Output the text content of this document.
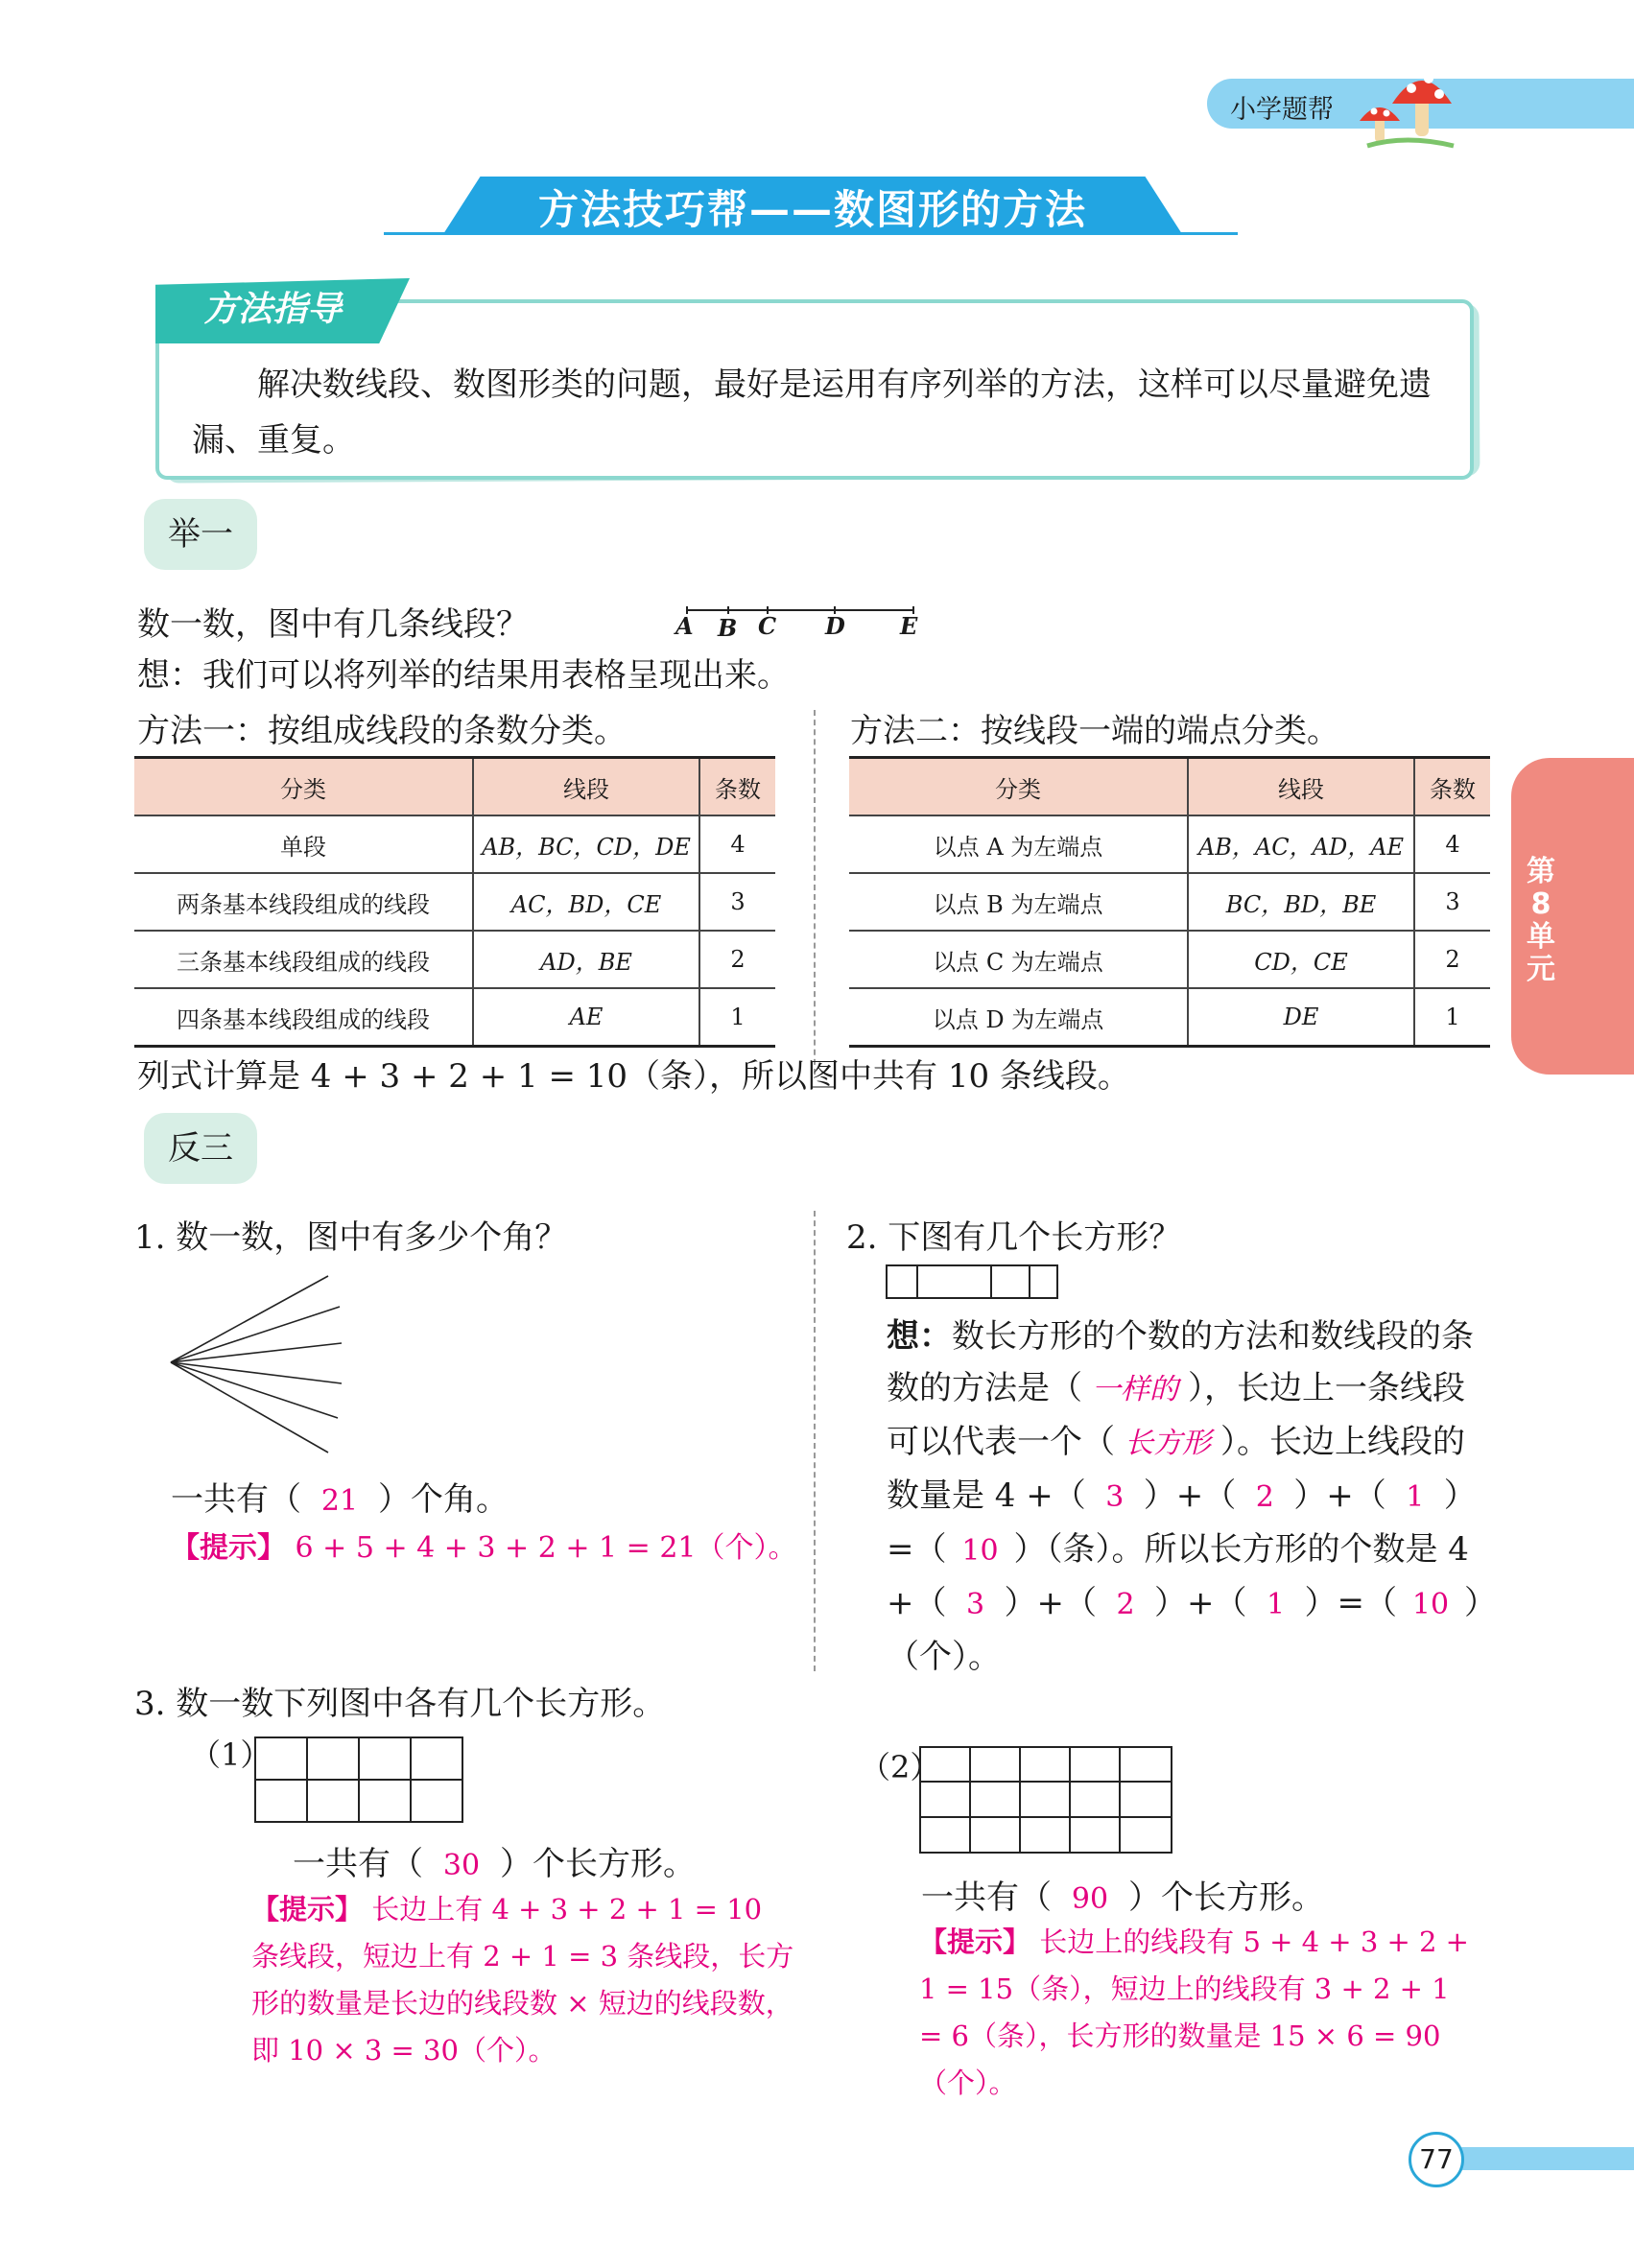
小学题帮
方法技巧帮——数图形的方法
方法指导
解决数线段、数图形类的问题，最好是运用有序列举的方法，这样可以尽量避免遗漏、重复。
第8单元
举一
数一数，图中有几条线段？	A B C D E
想：我们可以将列举的结果用表格呈现出来。
方法一：按组成线段的条数分类。	方法二：按线段一端的端点分类。
分类	线段	条数
单段	AB，BC，CD，DE	4
两条基本线段组成的线段	AC，BD，CE	3
三条基本线段组成的线段	AD，BE	2
四条基本线段组成的线段	AE	1
分类	线段	条数
以点 A 为左端点	AB，AC，AD，AE	4
以点 B 为左端点	BC，BD，BE	3
以点 C 为左端点	CD，CE	2
以点 D 为左端点	DE	1
列式计算是 4 + 3 + 2 + 1 = 10（条），所以图中共有 10 条线段。
反三
1. 数一数，图中有多少个角？
一共有（ 21 ）个角。
【提示】 6 + 5 + 4 + 3 + 2 + 1 = 21（个）。
2. 下图有几个长方形？
想：数长方形的个数的方法和数线段的条数的方法是（ 一样的 ），长边上一条线段可以代表一个（ 长方形 ）。长边上线段的数量是 4 +（ 3 ）+（ 2 ）+（ 1 ）=（ 10 ）（条）。所以长方形的个数是 4 +（ 3 ）+（ 2 ）+（ 1 ）=（ 10 ）（个）。
3. 数一数下列图中各有几个长方形。
（1）
一共有（ 30 ）个长方形。
【提示】 长边上有 4 + 3 + 2 + 1 = 10 条线段，短边上有 2 + 1 = 3 条线段，长方形的数量是长边的线段数 × 短边的线段数，即 10 × 3 = 30（个）。
（2）
一共有（ 90 ）个长方形。
【提示】 长边上的线段有 5 + 4 + 3 + 2 + 1 = 15（条），短边上的线段有 3 + 2 + 1 = 6（条），长方形的数量是 15 × 6 = 90（个）。
77
